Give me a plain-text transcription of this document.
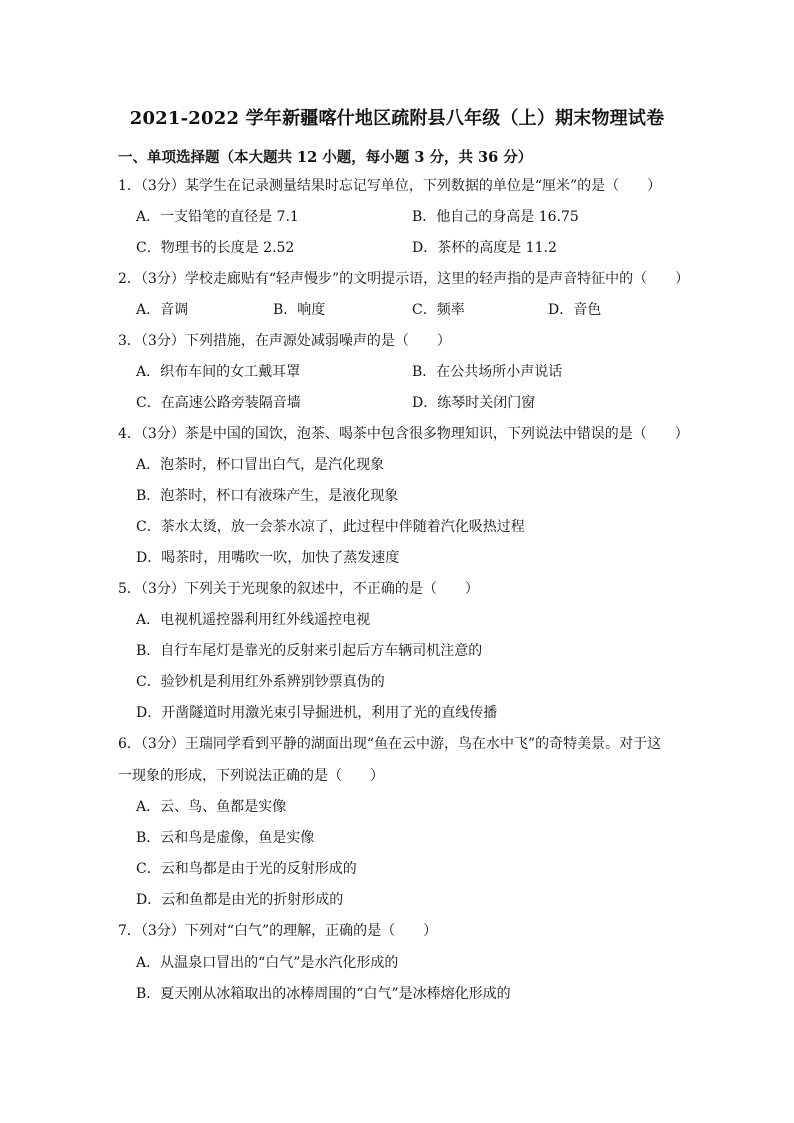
2021-2022 学年新疆喀什地区疏附县八年级（上）期末物理试卷
一、单项选择题（本大题共 12 小题，每小题 3 分，共 36 分）
1．（3分）某学生在记录测量结果时忘记写单位，下列数据的单位是“厘米”的是（　　）
A．一支铅笔的直径是 7.1	B．他自己的身高是 16.75
C．物理书的长度是 2.52	D．茶杯的高度是 11.2
2．（3分）学校走廊贴有“轻声慢步”的文明提示语，这里的轻声指的是声音特征中的（　　）
A．音调	B．响度	C．频率	D．音色
3．（3分）下列措施，在声源处减弱噪声的是（　　）
A．织布车间的女工戴耳罩	B．在公共场所小声说话
C．在高速公路旁装隔音墙	D．练琴时关闭门窗
4．（3分）茶是中国的国饮，泡茶、喝茶中包含很多物理知识，下列说法中错误的是（　　）
A．泡茶时，杯口冒出白气，是汽化现象
B．泡茶时，杯口有液珠产生，是液化现象
C．茶水太烫，放一会茶水凉了，此过程中伴随着汽化吸热过程
D．喝茶时，用嘴吹一吹，加快了蒸发速度
5．（3分）下列关于光现象的叙述中，不正确的是（　　）
A．电视机遥控器利用红外线遥控电视
B．自行车尾灯是靠光的反射来引起后方车辆司机注意的
C．验钞机是利用红外系辨别钞票真伪的
D．开凿隧道时用激光束引导掘进机，利用了光的直线传播
6．（3分）王瑞同学看到平静的湖面出现“鱼在云中游，鸟在水中飞”的奇特美景。对于这
一现象的形成，下列说法正确的是（　　）
A．云、鸟、鱼都是实像
B．云和鸟是虚像，鱼是实像
C．云和鸟都是由于光的反射形成的
D．云和鱼都是由光的折射形成的
7．（3分）下列对“白气”的理解，正确的是（　　）
A．从温泉口冒出的“白气”是水汽化形成的
B．夏天刚从冰箱取出的冰棒周围的“白气”是冰棒熔化形成的
